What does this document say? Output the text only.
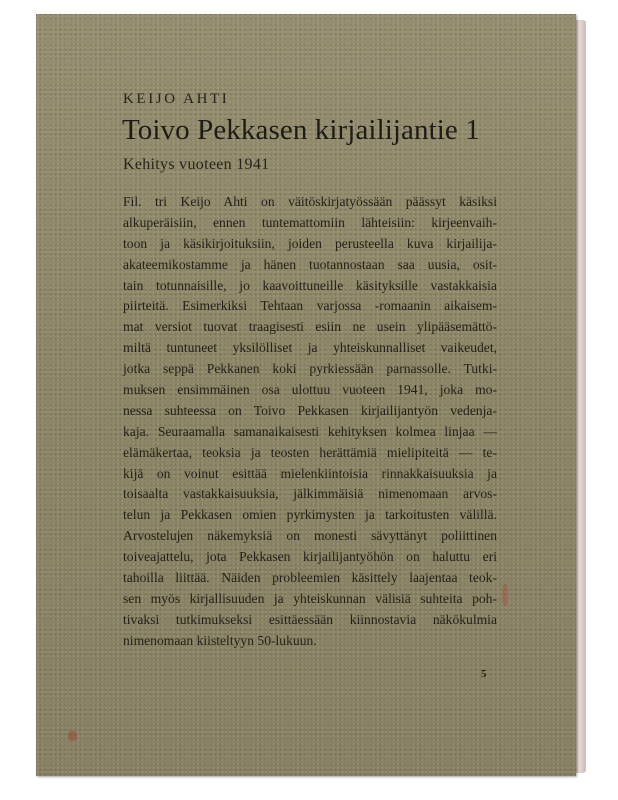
KEIJO AHTI
Toivo Pekkasen kirjailijantie 1
Kehitys vuoteen 1941
Fil. tri Keijo Ahti on väitöskirjatyössään päässyt käsiksi
alkuperäisiin, ennen tuntemattomiin lähteisiin: kirjeenvaih-
toon ja käsikirjoituksiin, joiden perusteella kuva kirjailija-
akateemikostamme ja hänen tuotannostaan saa uusia, osit-
tain totunnaisille, jo kaavoittuneille käsityksille vastakkaisia
piirteitä. Esimerkiksi Tehtaan varjossa -romaanin aikaisem-
mat versiot tuovat traagisesti esiin ne usein ylipääsemättö-
miltä tuntuneet yksilölliset ja yhteiskunnalliset vaikeudet,
jotka seppä Pekkanen koki pyrkiessään parnassolle. Tutki-
muksen ensimmäinen osa ulottuu vuoteen 1941, joka mo-
nessa suhteessa on Toivo Pekkasen kirjailijantyön vedenja-
kaja. Seuraamalla samanaikaisesti kehityksen kolmea linjaa —
elämäkertaa, teoksia ja teosten herättämiä mielipiteitä — te-
kijä on voinut esittää mielenkiintoisia rinnakkaisuuksia ja
toisaalta vastakkaisuuksia, jälkimmäisiä nimenomaan arvos-
telun ja Pekkasen omien pyrkimysten ja tarkoitusten välillä.
Arvostelujen näkemyksiä on monesti sävyttänyt poliittinen
toiveajattelu, jota Pekkasen kirjailijantyöhön on haluttu eri
tahoilla liittää. Näiden probleemien käsittely laajentaa teok-
sen myös kirjallisuuden ja yhteiskunnan välisiä suhteita poh-
tivaksi tutkimukseksi esittäessään kiinnostavia näkökulmia
nimenomaan kiisteltyyn 50-lukuun.
5
